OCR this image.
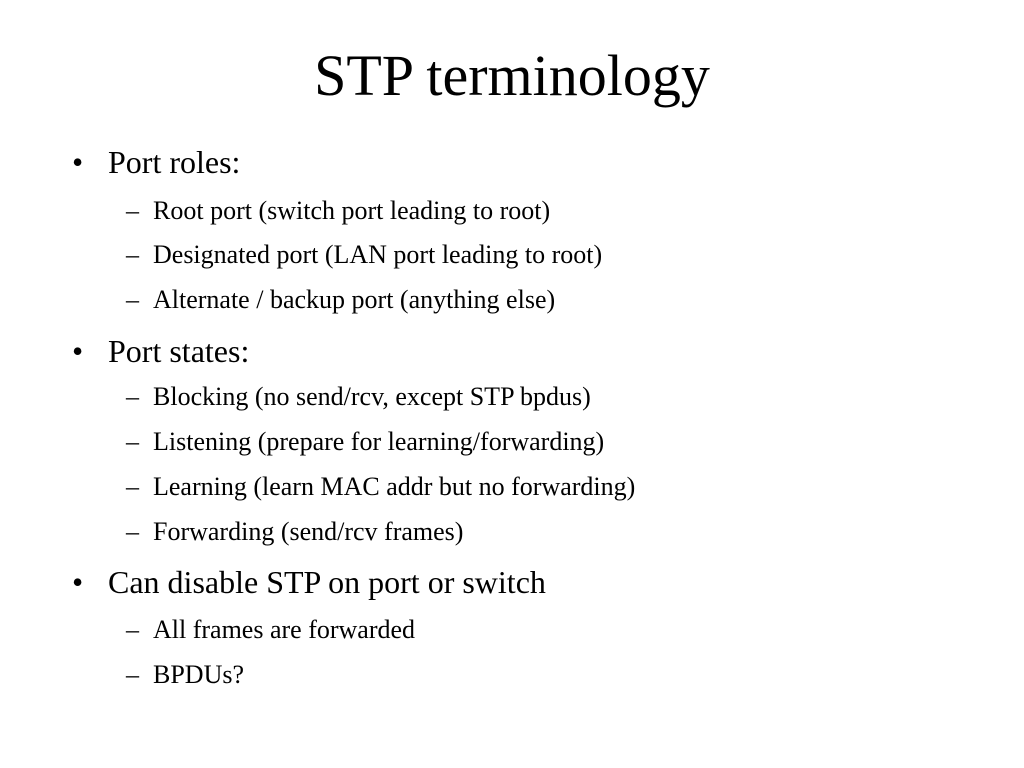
STP terminology
• Port roles:
– Root port (switch port leading to root)
– Designated port (LAN port leading to root)
– Alternate / backup port (anything else)
• Port states:
– Blocking (no send/rcv, except STP bpdus)
– Listening (prepare for learning/forwarding)
– Learning (learn MAC addr but no forwarding)
– Forwarding (send/rcv frames)
• Can disable STP on port or switch
– All frames are forwarded
– BPDUs?
